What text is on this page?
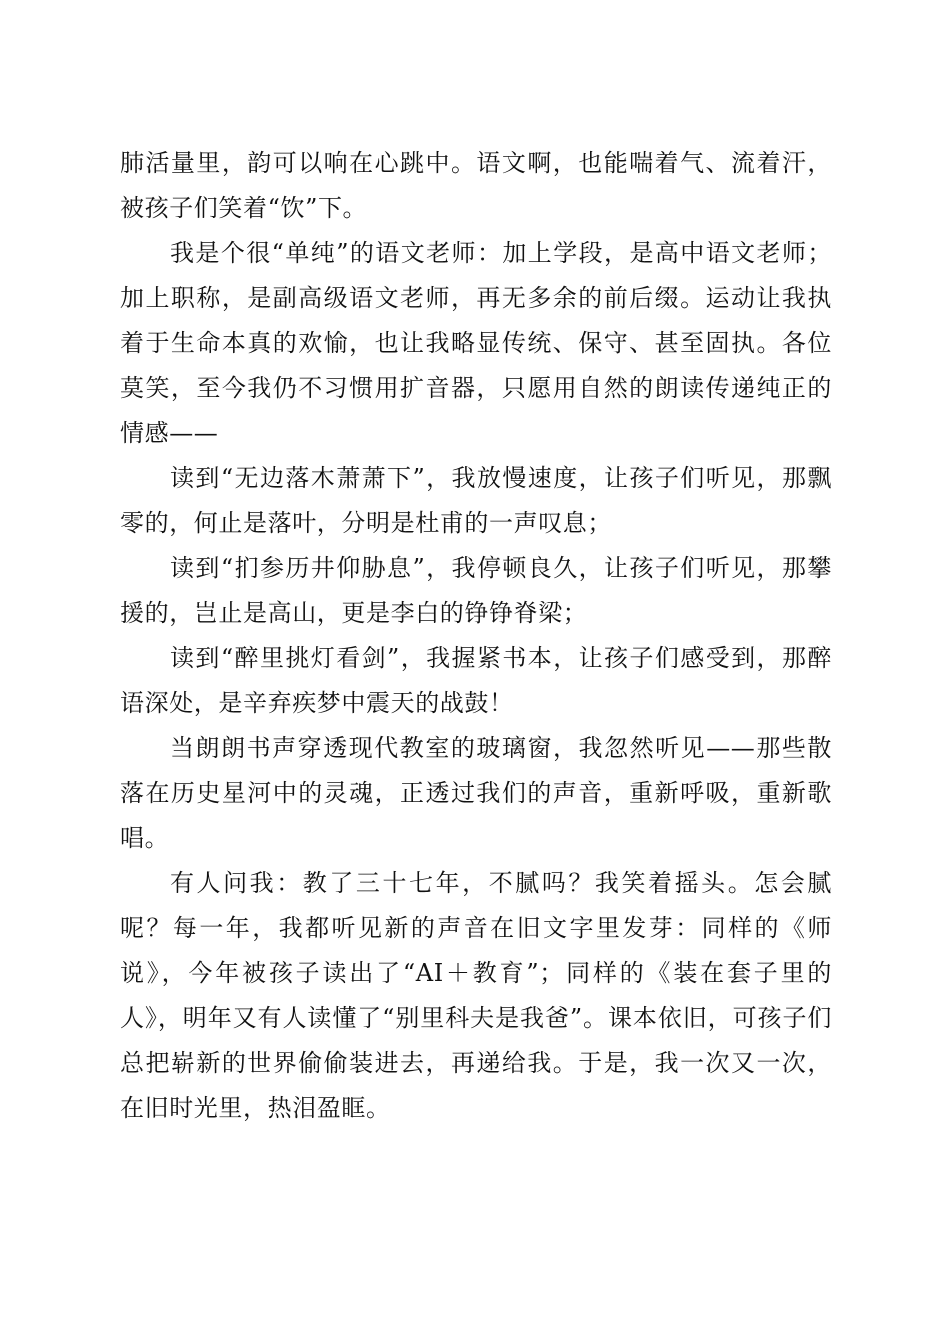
肺活量里，韵可以响在心跳中。语文啊，也能喘着气、流着汗，被孩子们笑着“饮”下。

我是个很“单纯”的语文老师：加上学段，是高中语文老师；加上职称，是副高级语文老师，再无多余的前后缀。运动让我执着于生命本真的欢愉，也让我略显传统、保守、甚至固执。各位莫笑，至今我仍不习惯用扩音器，只愿用自然的朗读传递纯正的情感——

读到“无边落木萧萧下”，我放慢速度，让孩子们听见，那飘零的，何止是落叶，分明是杜甫的一声叹息；

读到“扪参历井仰胁息”，我停顿良久，让孩子们听见，那攀援的，岂止是高山，更是李白的铮铮脊梁；

读到“醉里挑灯看剑”，我握紧书本，让孩子们感受到，那醉语深处，是辛弃疾梦中震天的战鼓！

当朗朗书声穿透现代教室的玻璃窗，我忽然听见——那些散落在历史星河中的灵魂，正透过我们的声音，重新呼吸，重新歌唱。

有人问我：教了三十七年，不腻吗？我笑着摇头。怎会腻呢？每一年，我都听见新的声音在旧文字里发芽：同样的《师说》，今年被孩子读出了“AI＋教育”；同样的《装在套子里的人》，明年又有人读懂了“别里科夫是我爸”。课本依旧，可孩子们总把崭新的世界偷偷装进去，再递给我。于是，我一次又一次，在旧时光里，热泪盈眶。
